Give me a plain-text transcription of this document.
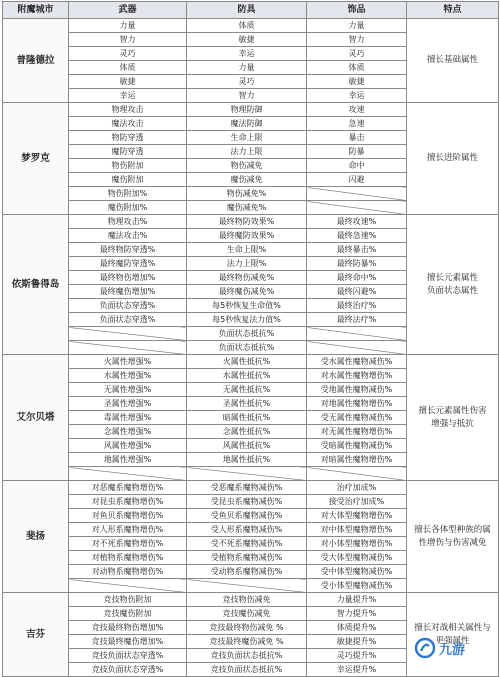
附魔城市	武器	防具	饰品	特点
普隆德拉	力量	体质	力量	擅长基础属性
	智力	敏捷	智力	
	灵巧	幸运	灵巧	
	体质	力量	体质	
	敏捷	灵巧	敏捷	
	幸运	智力	幸运	
梦罗克	物理攻击	物理防御	攻速	擅长进阶属性
	魔法攻击	魔法防御	急速	
	物防穿透	生命上限	暴击	
	魔防穿透	法力上限	防暴	
	物伤附加	物伤减免	命中	
	魔伤附加	魔伤减免	闪避	
	物伤附加%	物伤减免%		
	魔伤附加%	魔伤减免%		
依斯鲁得岛	物理攻击%	最终物防效果%	最终攻速%	擅长元素属性
负面状态属性
	魔法攻击%	最终魔防效果%	最终急速%	
	最终物防穿透%	生命上限%	最终暴击%	
	最终魔防穿透%	法力上限%	最终防暴%	
	最终物伤增加%	最终物伤减免%	最终命中%	
	最终魔伤增加%	最终魔伤减免%	最终闪避%	
	负面状态穿透%	每5秒恢复生命值%	最终治疗%	
	负面状态穿透%	每5秒恢复法力值%	最终法疗%	
		负面状态抵抗%		
		负面状态抵抗%		
艾尔贝塔	火属性增强%	火属性抵抗%	受水属性魔物减伤%	擅长元素属性伤害
增强与抵抗
	水属性增强%	水属性抵抗%	对水属性魔物增伤%	
	无属性增强%	无属性抵抗%	受地属性魔物减伤%	
	圣属性增强%	圣属性抵抗%	对地属性魔物增伤%	
	毒属性增强%	暗属性抵抗%	受无属性魔物减伤%	
	念属性增强%	念属性抵抗%	对无属性魔物增伤%	
	风属性增强%	风属性抵抗%	受暗属性魔物减伤%	
	地属性增强%	地属性抵抗%	对暗属性魔物增伤%	

斐扬	对恶魔系魔物增伤%	受恶魔系魔物减伤%	治疗加成%	擅长各体型种族的属
性增伤与伤害减免
	对昆虫系魔物增伤%	受昆虫系魔物减伤%	接受治疗加成%	
	对鱼贝系魔物增伤%	受鱼贝系魔物减伤%	对大体型魔物增伤%	
	对人形系魔物增伤%	受人形系魔物减伤%	对中体型魔物增伤%	
	对不死系魔物增伤%	受不死系魔物减伤%	对小体型魔物增伤%	
	对植物系魔物增伤%	受植物系魔物减伤%	受大体型魔物减伤%	
	对动物系魔物增伤%	受动物系魔物减伤%	受中体型魔物减伤%	
			受小体型魔物减伤%	
吉芬	竞技物伤附加	竞技物伤减免	力量提升%	擅长对战相关属性与
更强属性
	竞技魔伤附加	竞技魔伤减免	智力提升%	
	竞技最终物伤增加%	竞技最终物伤减免 %	体质提升%	
	竞技最终魔伤增加%	竞技最终魔伤减免 %	敏捷提升%	
	竞技负面状态穿透%	竞技负面状态抵抗%	灵巧提升%	
	竞技负面状态穿透%	竞技负面状态抵抗%	幸运提升%	
九游
